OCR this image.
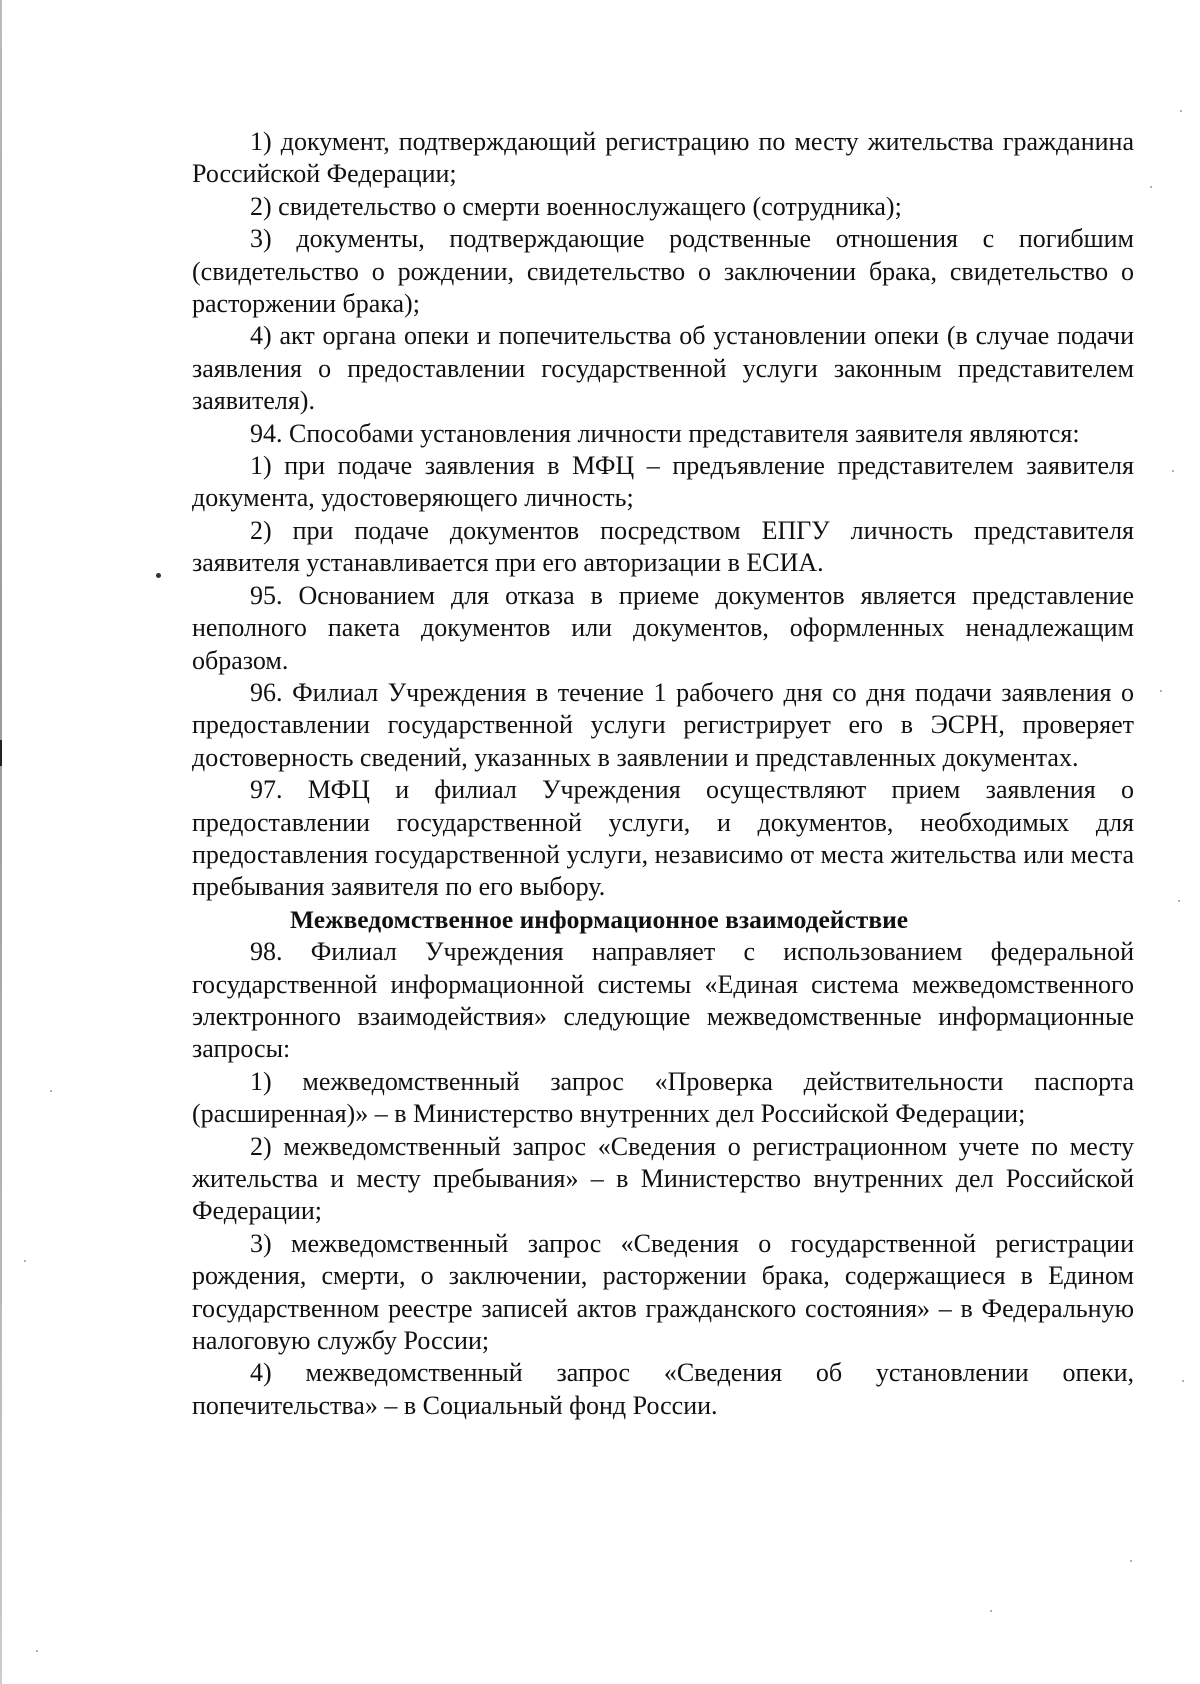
1) документ, подтверждающий регистрацию по месту жительства гражданина Российской Федерации;

2) свидетельство о смерти военнослужащего (сотрудника);

3) документы, подтверждающие родственные отношения с погибшим (свидетельство о рождении, свидетельство о заключении брака, свидетельство о расторжении брака);

4) акт органа опеки и попечительства об установлении опеки (в случае подачи заявления о предоставлении государственной услуги законным представителем заявителя).

94. Способами установления личности представителя заявителя являются:

1) при подаче заявления в МФЦ – предъявление представителем заявителя документа, удостоверяющего личность;

2) при подаче документов посредством ЕПГУ личность представителя заявителя устанавливается при его авторизации в ЕСИА.

95. Основанием для отказа в приеме документов является представление неполного пакета документов или документов, оформленных ненадлежащим образом.

96. Филиал Учреждения в течение 1 рабочего дня со дня подачи заявления о предоставлении государственной услуги регистрирует его в ЭСРН, проверяет достоверность сведений, указанных в заявлении и представленных документах.

97. МФЦ и филиал Учреждения осуществляют прием заявления о предоставлении государственной услуги, и документов, необходимых для предоставления государственной услуги, независимо от места жительства или места пребывания заявителя по его выбору.

Межведомственное информационное взаимодействие

98. Филиал Учреждения направляет с использованием федеральной государственной информационной системы «Единая система межведомственного электронного взаимодействия» следующие межведомственные информационные запросы:

1) межведомственный запрос «Проверка действительности паспорта (расширенная)» – в Министерство внутренних дел Российской Федерации;

2) межведомственный запрос «Сведения о регистрационном учете по месту жительства и месту пребывания» – в Министерство внутренних дел Российской Федерации;

3) межведомственный запрос «Сведения о государственной регистрации рождения, смерти, о заключении, расторжении брака, содержащиеся в Едином государственном реестре записей актов гражданского состояния» – в Федеральную налоговую службу России;

4) межведомственный запрос «Сведения об установлении опеки, попечительства» – в Социальный фонд России.
